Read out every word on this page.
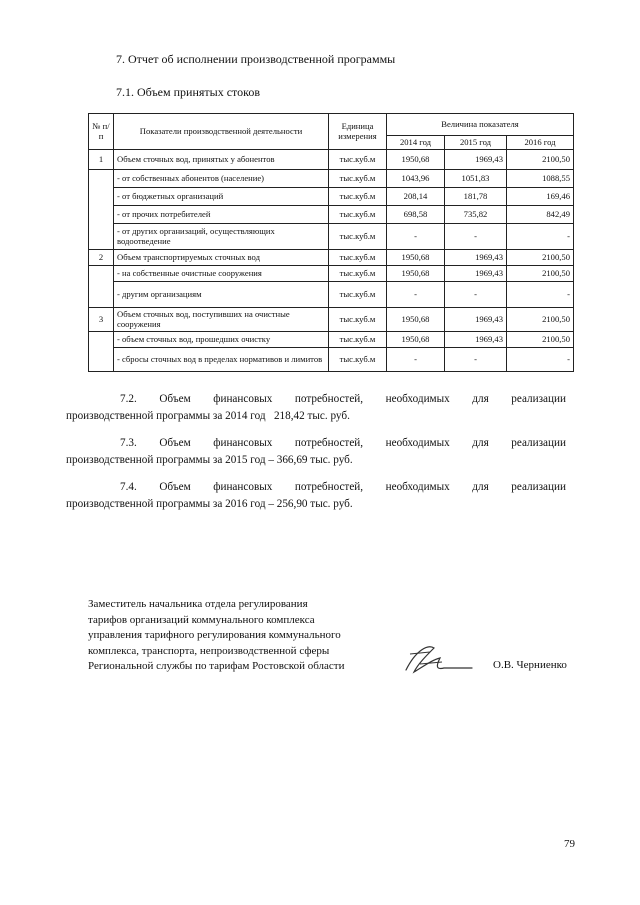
7. Отчет об исполнении производственной программы
7.1. Объем принятых стоков
№ п/п	Показатели производственной деятельности	Единица измерения	Величина показателя		
			2014 год	2015 год	2016 год
1	Объем сточных вод, принятых у абонентов	тыс.куб.м	1950,68	1969,43	2100,50
	- от собственных абонентов (население)	тыс.куб.м	1043,96	1051,83	1088,55
	- от бюджетных организаций	тыс.куб.м	208,14	181,78	169,46
	- от прочих потребителей	тыс.куб.м	698,58	735,82	842,49
	- от других организаций, осуществляющих водоотведение	тыс.куб.м	-	-	-
2	Объем транспортируемых сточных вод	тыс.куб.м	1950,68	1969,43	2100,50
	- на собственные очистные сооружения	тыс.куб.м	1950,68	1969,43	2100,50
	- другим организациям	тыс.куб.м	-	-	-
3	Объем сточных вод, поступивших на очистные сооружения	тыс.куб.м	1950,68	1969,43	2100,50
	- объем сточных вод, прошедших очистку	тыс.куб.м	1950,68	1969,43	2100,50
	- сбросы сточных вод в пределах нормативов и лимитов	тыс.куб.м	-	-	-
7.2. Объем финансовых потребностей, необходимых для реализации
производственной программы за 2014 год   218,42 тыс. руб.
7.3. Объем финансовых потребностей, необходимых для реализации
производственной программы за 2015 год – 366,69 тыс. руб.
7.4. Объем финансовых потребностей, необходимых для реализации
производственной программы за 2016 год – 256,90 тыс. руб.
Заместитель начальника отдела регулирования
тарифов организаций коммунального комплекса
управления тарифного регулирования коммунального
комплекса, транспорта, непроизводственной сферы
Региональной службы по тарифам Ростовской области	О.В. Черниенко
79
